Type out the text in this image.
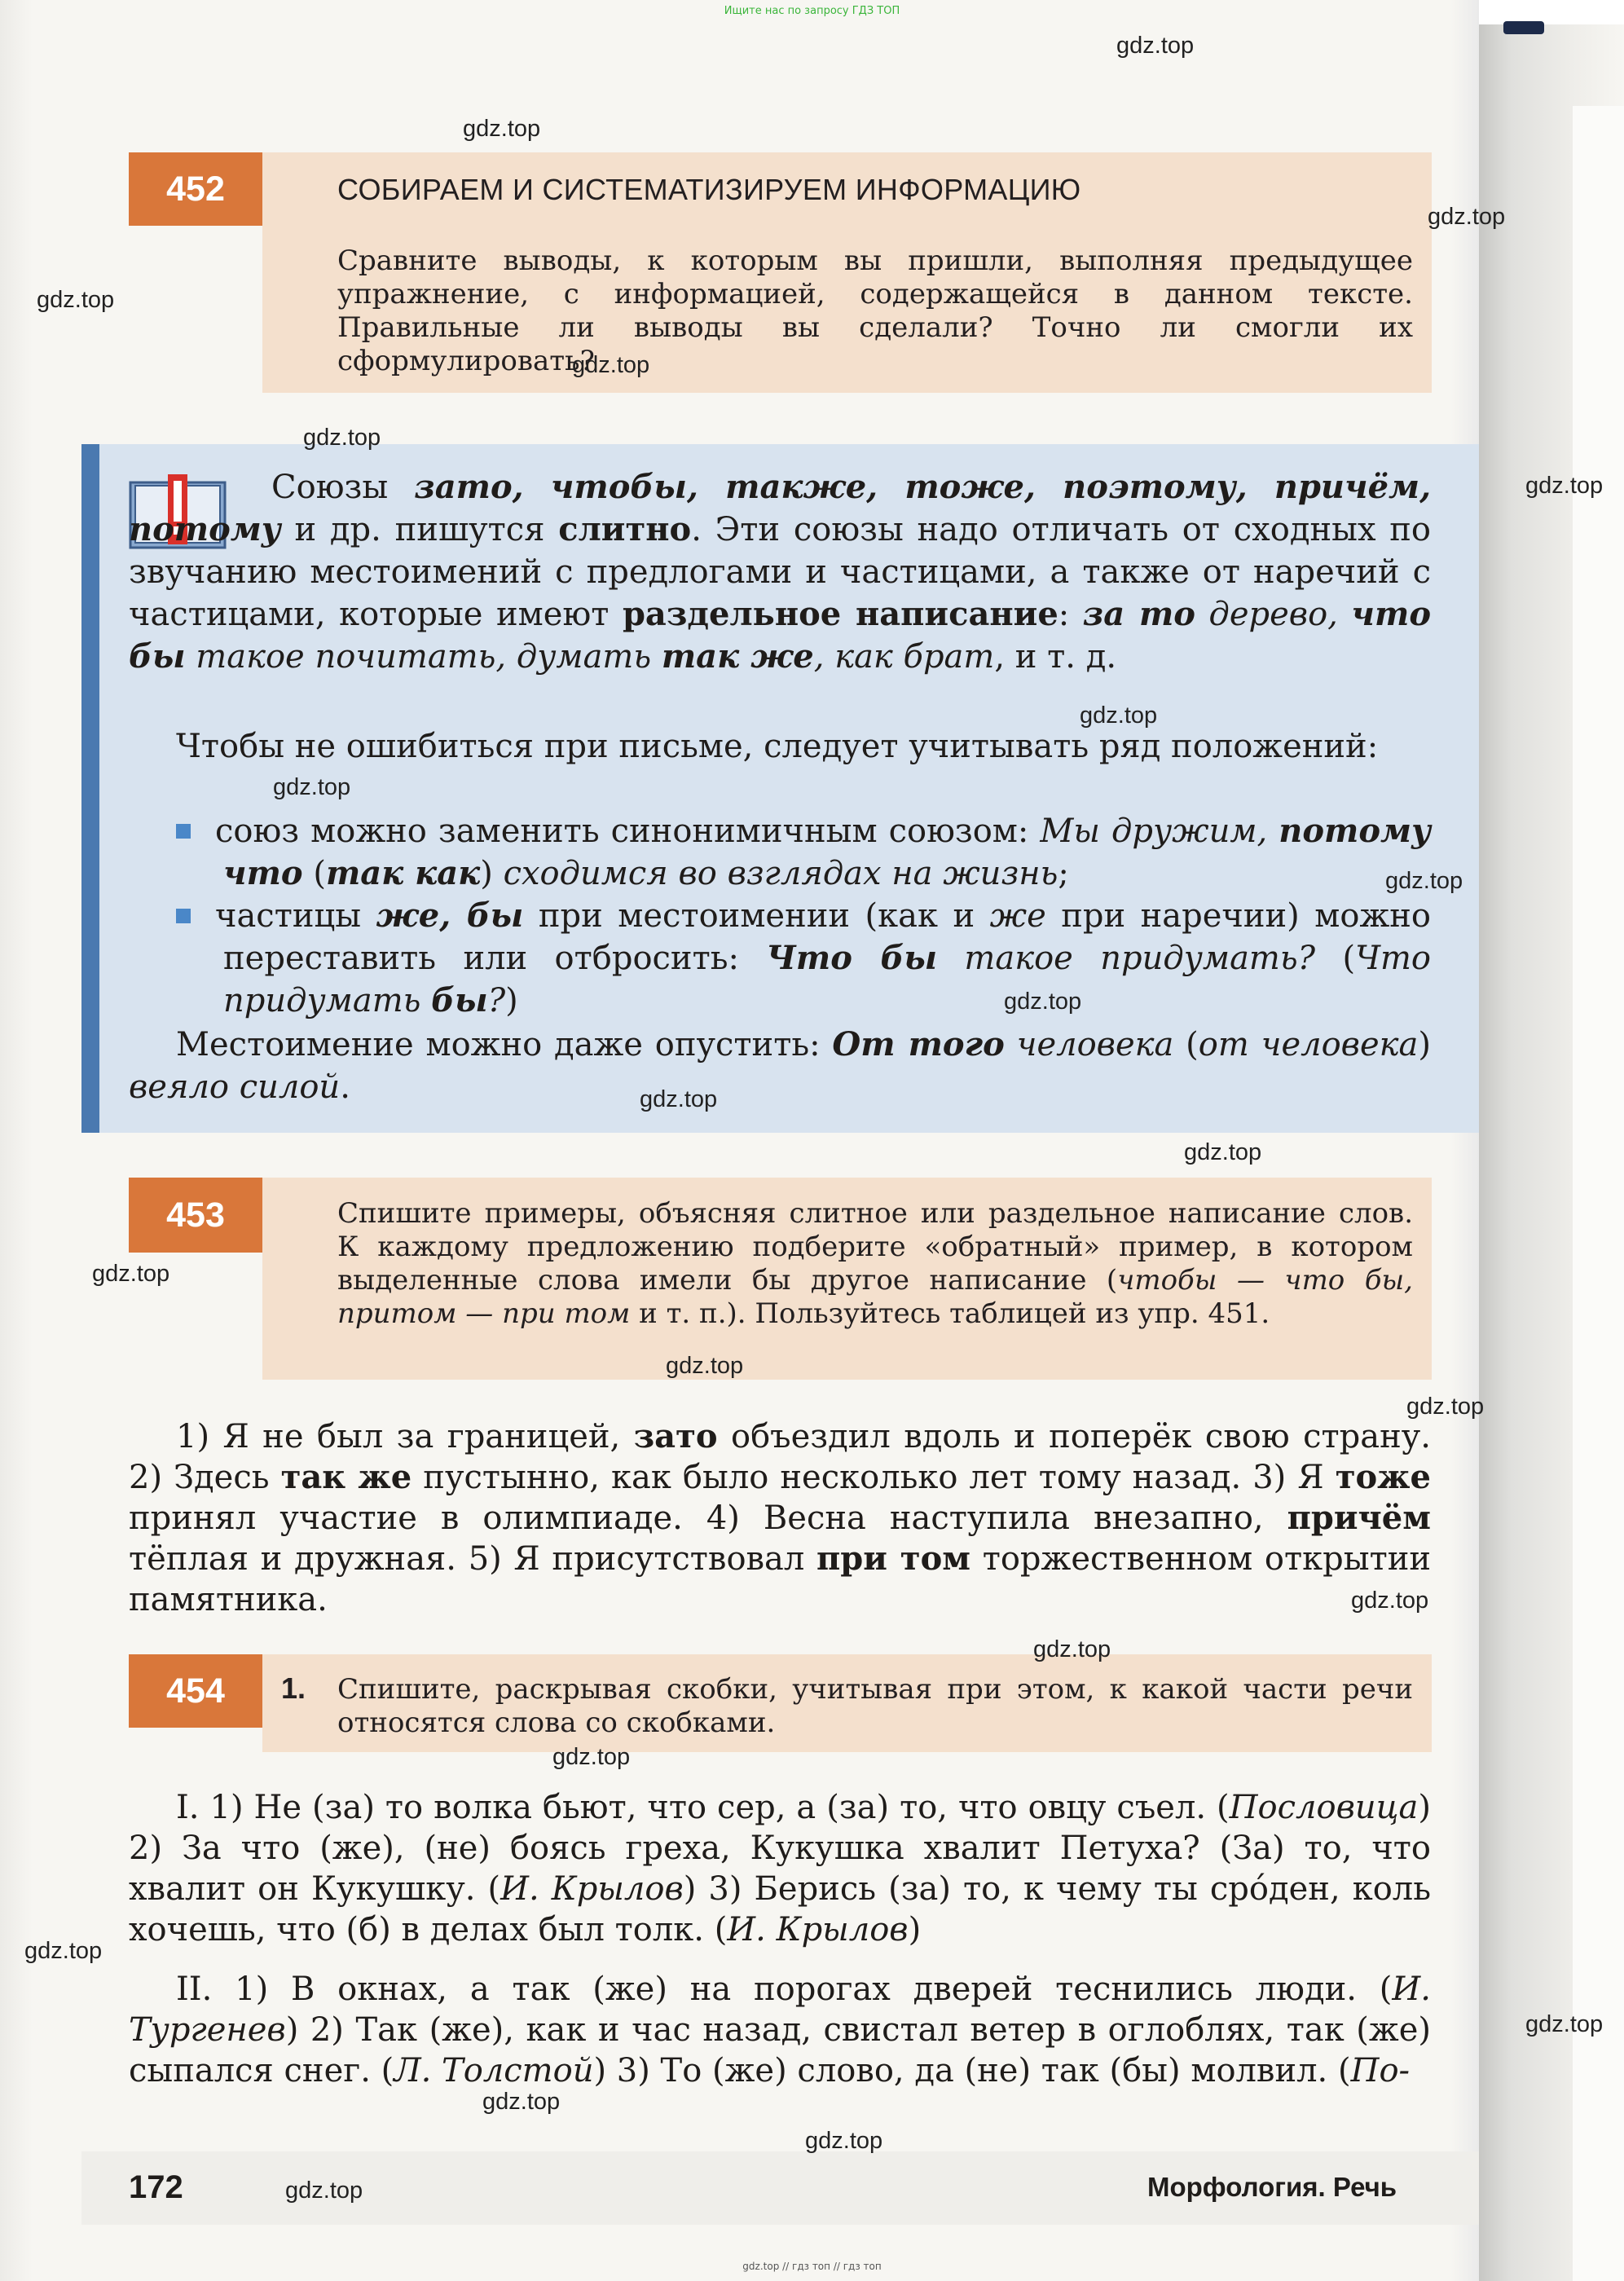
Ищите нас по запросу ГДЗ ТОП
452	СОБИРАЕМ И СИСТЕМАТИЗИРУЕМ ИНФОРМАЦИЮ
Сравните выводы, к которым вы пришли, выполняя предыдущее упражнение, с информацией, содержащейся в данном тексте. Правильные ли выводы вы сделали? Точно ли смогли их сформулировать?
Союзы зато, чтобы, также, тоже, поэтому, причём, потому и др. пишутся слитно. Эти союзы надо отличать от сходных по звучанию местоимений с предлогами и частицами, а также от наречий с частицами, которые имеют раздельное написание: за то дерево, что бы такое почитать, думать так же, как брат, и т. д.
Чтобы не ошибиться при письме, следует учитывать ряд положений:
союз можно заменить синонимичным союзом: Мы дружим, потому что (так как) сходимся во взглядах на жизнь;
частицы же, бы при местоимении (как и же при наречии) можно переставить или отбросить: Что бы такое придумать? (Что придумать бы?)
Местоимение можно даже опустить: От того человека (от человека) веяло силой.
453	Спишите примеры, объясняя слитное или раздельное написание слов. К каждому предложению подберите «обратный» пример, в котором выделенные слова имели бы другое написание (чтобы — что бы, притом — при том и т. п.). Пользуйтесь таблицей из упр. 451.
1) Я не был за границей, зато объездил вдоль и поперёк свою страну. 2) Здесь так же пустынно, как было несколько лет тому назад. 3) Я тоже принял участие в олимпиаде. 4) Весна наступила внезапно, причём тёплая и дружная. 5) Я присутствовал при том торжественном открытии памятника.
454	1. Спишите, раскрывая скобки, учитывая при этом, к какой части речи относятся слова со скобками.
I. 1) Не (за) то волка бьют, что сер, а (за) то, что овцу съел. (Пословица) 2) За что (же), (не) боясь греха, Кукушка хвалит Петуха? (За) то, что хвалит он Кукушку. (И. Крылов) 3) Берись (за) то, к чему ты сро́ден, коль хочешь, что (б) в делах был толк. (И. Крылов)
II. 1) В окнах, а так (же) на порогах дверей теснились люди. (И. Тургенев) 2) Так (же), как и час назад, свистал ветер в оглоблях, так (же) сыпался снег. (Л. Толстой) 3) То (же) слово, да (не) так (бы) молвил. (По-
172	Морфология. Речь
gdz.top
gdz.top
gdz.top
gdz.top
gdz.top
gdz.top
gdz.top
gdz.top
gdz.top
gdz.top
gdz.top
gdz.top
gdz.top
gdz.top
gdz.top
gdz.top
gdz.top
gdz.top
gdz.top
gdz.top
gdz.top
gdz.top
gdz.top
gdz.top
gdz.top // гдз топ // гдз топ
